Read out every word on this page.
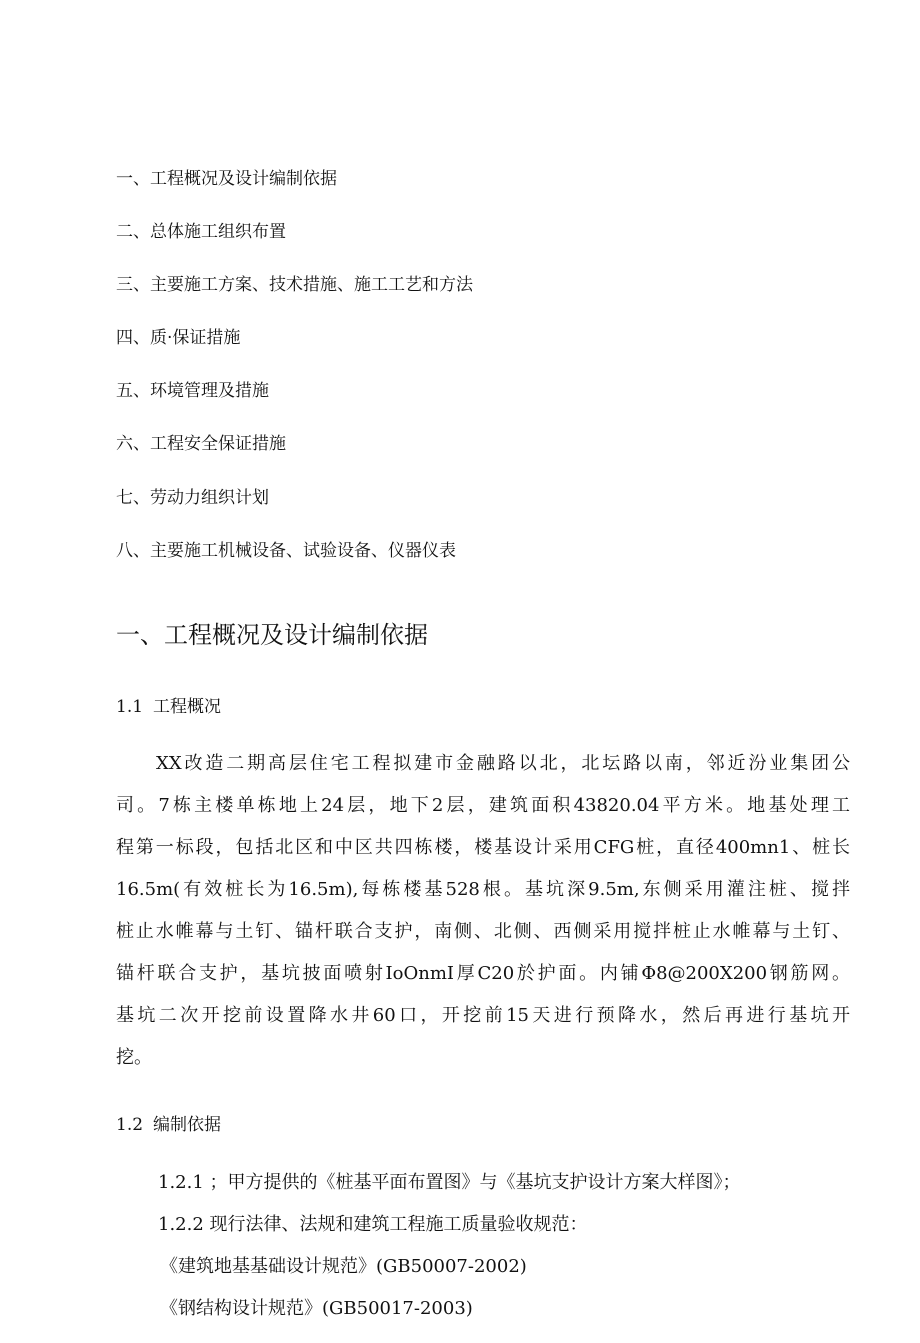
一、工程概况及设计编制依据
二、总体施工组织布置
三、主要施工方案、技术措施、施工工艺和方法
四、质·保证措施
五、环境管理及措施
六、工程安全保证措施
七、劳动力组织计划
八、主要施工机械设备、试验设备、仪器仪表
一、工程概况及设计编制依据
1.1 工程概况
XX改造二期高层住宅工程拟建市金融路以北，北坛路以南，邻近汾业集团公
司。7栋主楼单栋地上24层，地下2层，建筑面积43820.04平方米。地基处理工
程第一标段，包括北区和中区共四栋楼，楼基设计采用CFG桩，直径400mn1、桩长
16.5m(有效桩长为16.5m),每栋楼基528根。基坑深9.5m,东侧采用灌注桩、搅拌
桩止水帷幕与土钉、锚杆联合支护，南侧、北侧、西侧采用搅拌桩止水帷幕与土钉、
锚杆联合支护，基坑披面喷射IoOnmI厚C20於护面。内铺Φ8@200X200钢筋网。
基坑二次开挖前设置降水井60口，开挖前15天进行预降水，然后再进行基坑开
挖。
1.2 编制依据
1.2.1 ；甲方提供的《桩基平面布置图》与《基坑支护设计方案大样图》；
1.2.2 现行法律、法规和建筑工程施工质量验收规范：
《建筑地基基础设计规范》(GB50007-2002)
《钢结构设计规范》(GB50017-2003)
